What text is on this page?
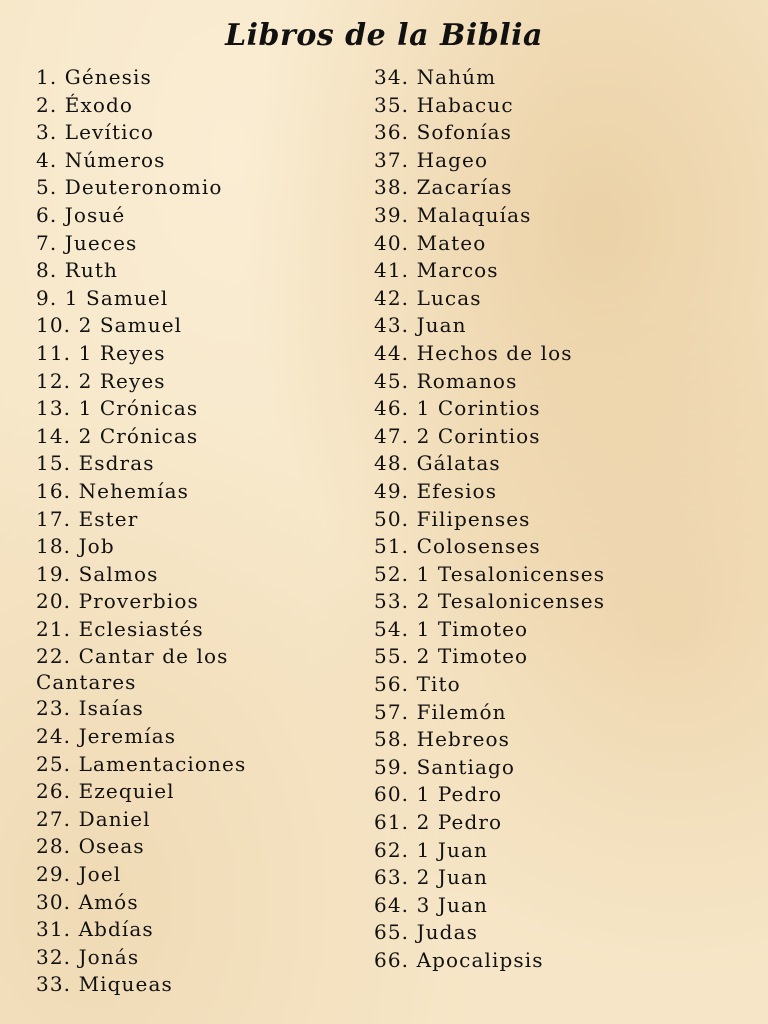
Libros de la Biblia
1. Génesis
2. Éxodo
3. Levítico
4. Números
5. Deuteronomio
6. Josué
7. Jueces
8. Ruth
9. 1 Samuel
10. 2 Samuel
11. 1 Reyes
12. 2 Reyes
13. 1 Crónicas
14. 2 Crónicas
15. Esdras
16. Nehemías
17. Ester
18. Job
19. Salmos
20. Proverbios
21. Eclesiastés
22. Cantar de los Cantares
23. Isaías
24. Jeremías
25. Lamentaciones
26. Ezequiel
27. Daniel
28. Oseas
29. Joel
30. Amós
31. Abdías
32. Jonás
33. Miqueas
34. Nahúm
35. Habacuc
36. Sofonías
37. Hageo
38. Zacarías
39. Malaquías
40. Mateo
41. Marcos
42. Lucas
43. Juan
44. Hechos de los
45. Romanos
46. 1 Corintios
47. 2 Corintios
48. Gálatas
49. Efesios
50. Filipenses
51. Colosenses
52. 1 Tesalonicenses
53. 2 Tesalonicenses
54. 1 Timoteo
55. 2 Timoteo
56. Tito
57. Filemón
58. Hebreos
59. Santiago
60. 1 Pedro
61. 2 Pedro
62. 1 Juan
63. 2 Juan
64. 3 Juan
65. Judas
66. Apocalipsis
